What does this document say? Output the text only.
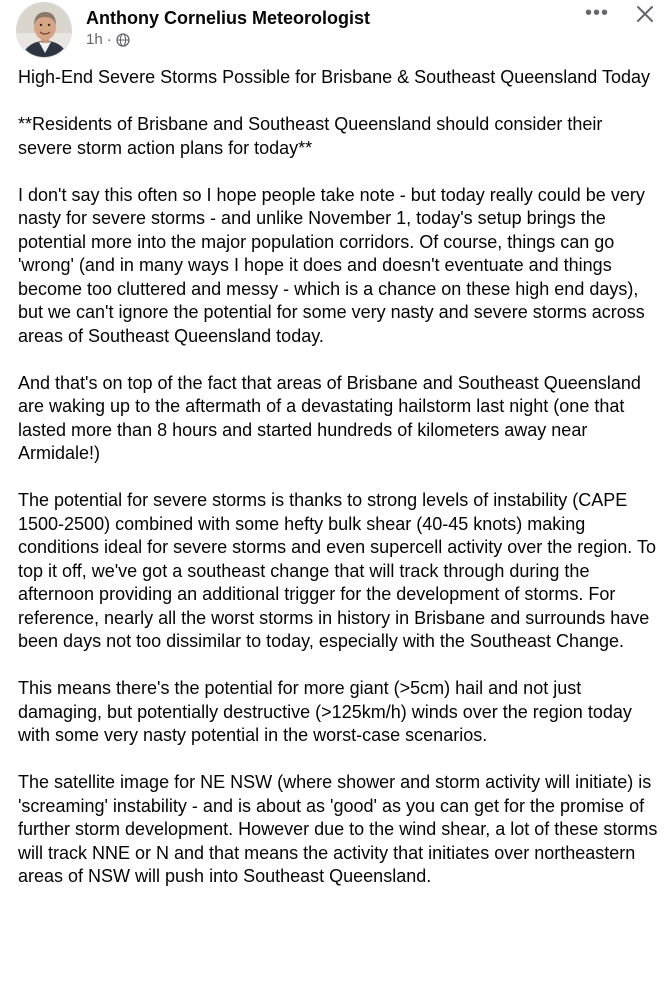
Anthony Cornelius Meteorologist
1h ·
•••

High-End Severe Storms Possible for Brisbane & Southeast Queensland Today

**Residents of Brisbane and Southeast Queensland should consider their severe storm action plans for today**

I don't say this often so I hope people take note - but today really could be very nasty for severe storms - and unlike November 1, today's setup brings the potential more into the major population corridors. Of course, things can go 'wrong' (and in many ways I hope it does and doesn't eventuate and things become too cluttered and messy - which is a chance on these high end days), but we can't ignore the potential for some very nasty and severe storms across areas of Southeast Queensland today.

And that's on top of the fact that areas of Brisbane and Southeast Queensland are waking up to the aftermath of a devastating hailstorm last night (one that lasted more than 8 hours and started hundreds of kilometers away near Armidale!)

The potential for severe storms is thanks to strong levels of instability (CAPE 1500-2500) combined with some hefty bulk shear (40-45 knots) making conditions ideal for severe storms and even supercell activity over the region. To top it off, we've got a southeast change that will track through during the afternoon providing an additional trigger for the development of storms. For reference, nearly all the worst storms in history in Brisbane and surrounds have been days not too dissimilar to today, especially with the Southeast Change.

This means there's the potential for more giant (>5cm) hail and not just damaging, but potentially destructive (>125km/h) winds over the region today with some very nasty potential in the worst-case scenarios.

The satellite image for NE NSW (where shower and storm activity will initiate) is 'screaming' instability - and is about as 'good' as you can get for the promise of further storm development. However due to the wind shear, a lot of these storms will track NNE or N and that means the activity that initiates over northeastern areas of NSW will push into Southeast Queensland.
